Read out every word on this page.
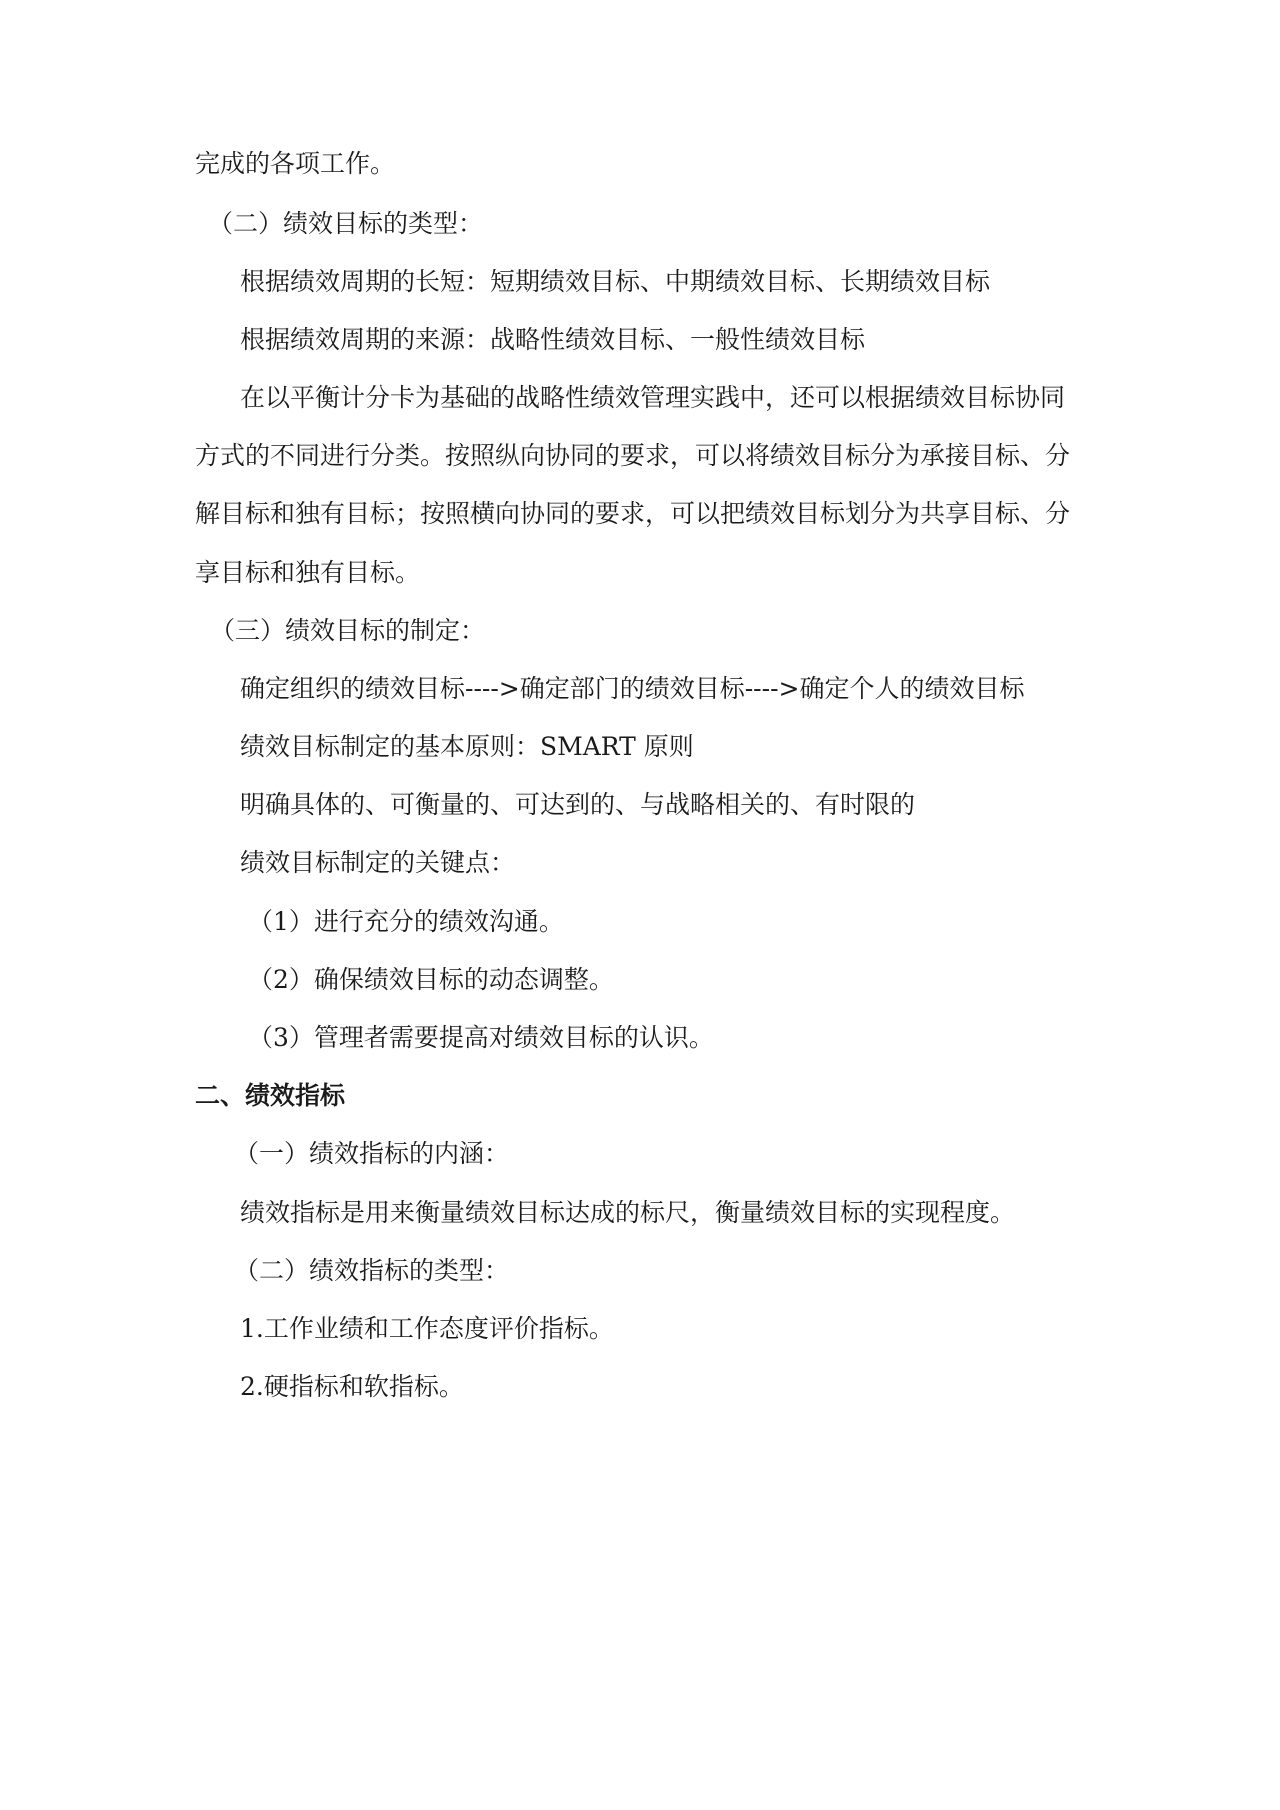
完成的各项工作。
（二）绩效目标的类型：
根据绩效周期的长短：短期绩效目标、中期绩效目标、长期绩效目标
根据绩效周期的来源：战略性绩效目标、一般性绩效目标
在以平衡计分卡为基础的战略性绩效管理实践中，还可以根据绩效目标协同
方式的不同进行分类。按照纵向协同的要求，可以将绩效目标分为承接目标、分
解目标和独有目标；按照横向协同的要求，可以把绩效目标划分为共享目标、分
享目标和独有目标。
（三）绩效目标的制定：
确定组织的绩效目标---->确定部门的绩效目标---->确定个人的绩效目标
绩效目标制定的基本原则：SMART 原则
明确具体的、可衡量的、可达到的、与战略相关的、有时限的
绩效目标制定的关键点：
（1）进行充分的绩效沟通。
（2）确保绩效目标的动态调整。
（3）管理者需要提高对绩效目标的认识。
二、绩效指标
（一）绩效指标的内涵：
绩效指标是用来衡量绩效目标达成的标尺，衡量绩效目标的实现程度。
（二）绩效指标的类型：
1.工作业绩和工作态度评价指标。
2.硬指标和软指标。
